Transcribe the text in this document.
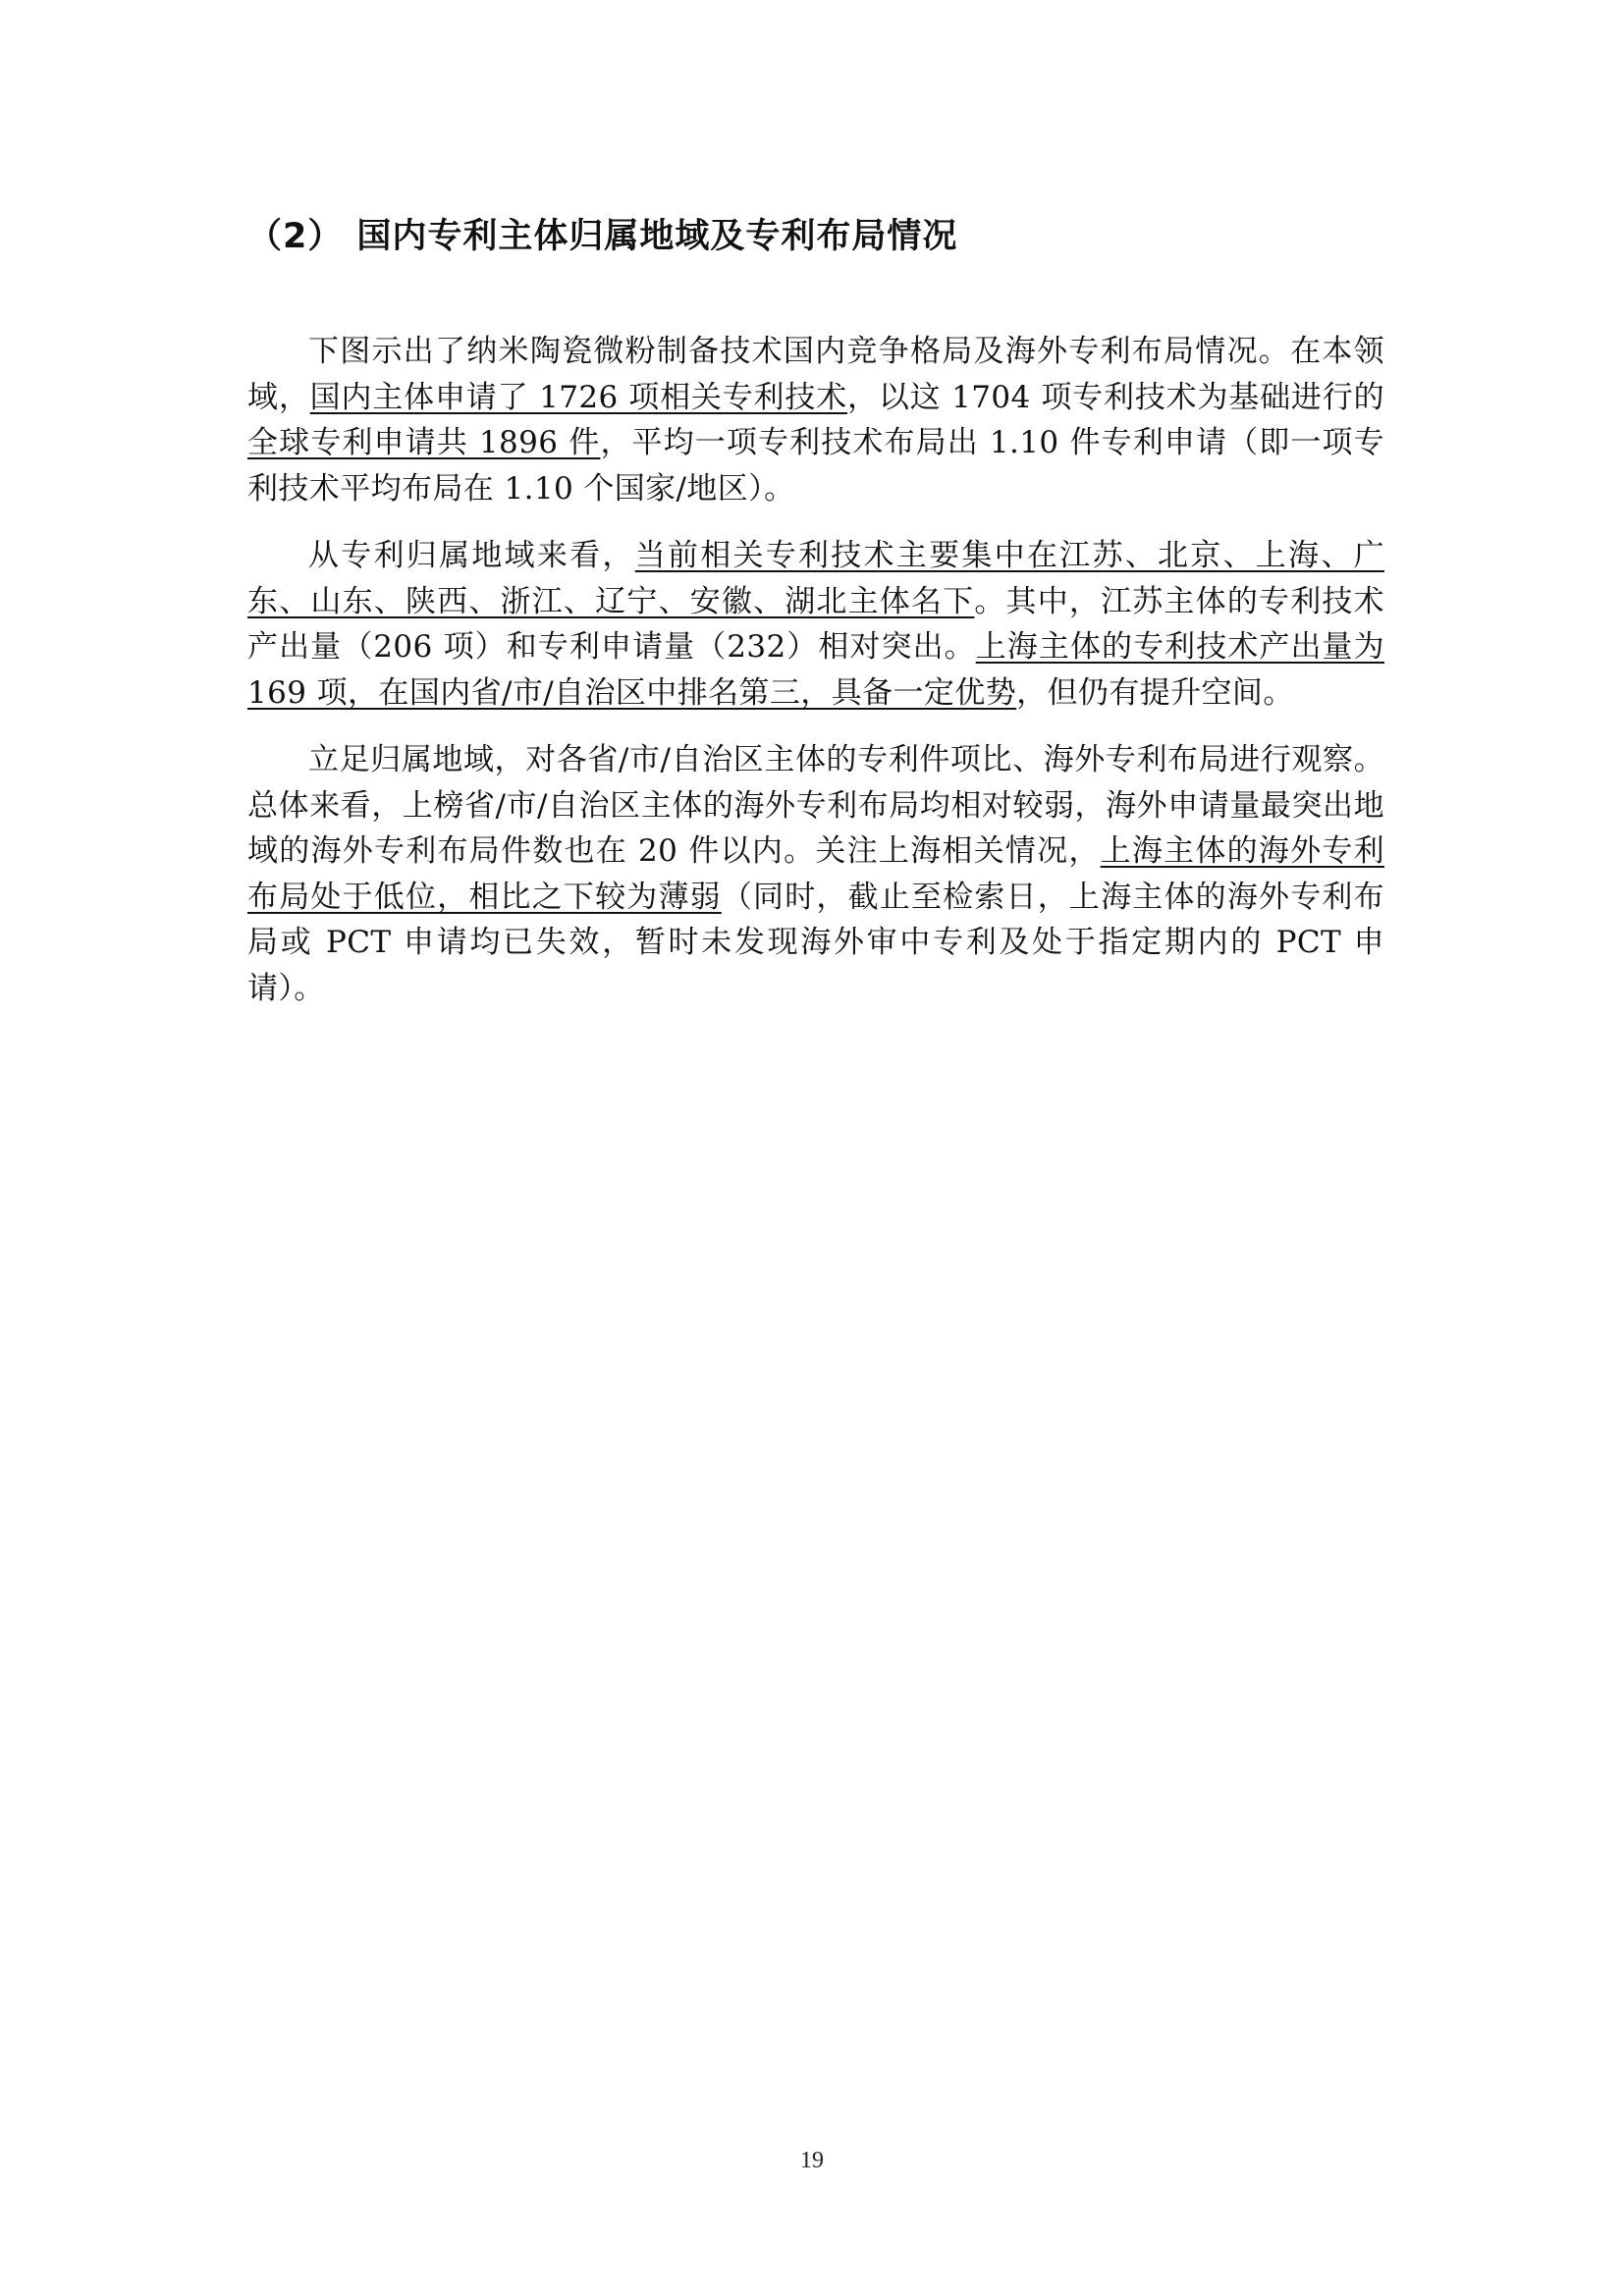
（2） 国内专利主体归属地域及专利布局情况

下图示出了纳米陶瓷微粉制备技术国内竞争格局及海外专利布局情况。在本领域，国内主体申请了 1726 项相关专利技术，以这 1704 项专利技术为基础进行的全球专利申请共 1896 件，平均一项专利技术布局出 1.10 件专利申请（即一项专利技术平均布局在 1.10 个国家/地区）。

从专利归属地域来看，当前相关专利技术主要集中在江苏、北京、上海、广东、山东、陕西、浙江、辽宁、安徽、湖北主体名下。其中，江苏主体的专利技术产出量（206 项）和专利申请量（232）相对突出。上海主体的专利技术产出量为 169 项，在国内省/市/自治区中排名第三，具备一定优势，但仍有提升空间。

立足归属地域，对各省/市/自治区主体的专利件项比、海外专利布局进行观察。总体来看，上榜省/市/自治区主体的海外专利布局均相对较弱，海外申请量最突出地域的海外专利布局件数也在 20 件以内。关注上海相关情况，上海主体的海外专利布局处于低位，相比之下较为薄弱（同时，截止至检索日，上海主体的海外专利布局或 PCT 申请均已失效，暂时未发现海外审中专利及处于指定期内的 PCT 申请）。

19
